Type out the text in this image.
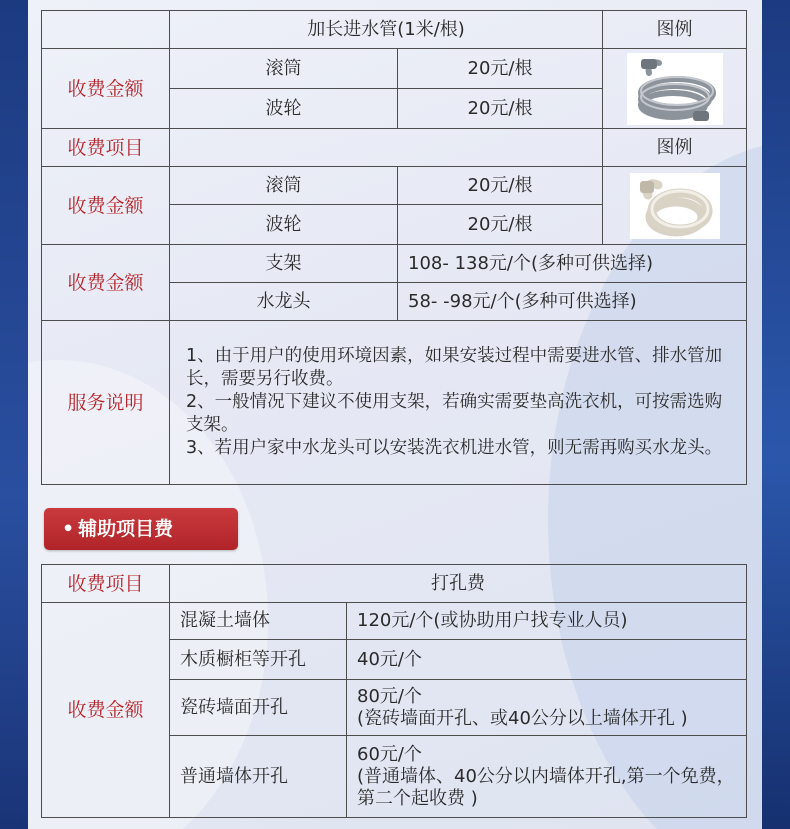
	加长进水管(1米/根)		图例
收费金额	滚筒	20元/根	

	波轮	20元/根	
收费项目			图例
收费金额	滚筒	20元/根	

	波轮	20元/根	
收费金额	支架	108- 138元/个(多种可供选择)	
	水龙头	58- -98元/个(多种可供选择)	
服务说明	1、由于用户的使用环境因素，如果安装过程中需要进水管、排水管加长，需要另行收费。
2、一般情况下建议不使用支架，若确实需要垫高洗衣机，可按需选购支架。
3、若用户家中水龙头可以安装洗衣机进水管，则无需再购买水龙头。		
• 辅助项目费
收费项目	打孔费	
收费金额	混凝土墙体	120元/个(或协助用户找专业人员)
	木质橱柜等开孔	40元/个
	瓷砖墙面开孔	80元/个
(瓷砖墙面开孔、或40公分以上墙体开孔 )

	普通墙体开孔	60元/个
(普通墙体、40公分以内墙体开孔,第一个免费，第二个起收费 )
